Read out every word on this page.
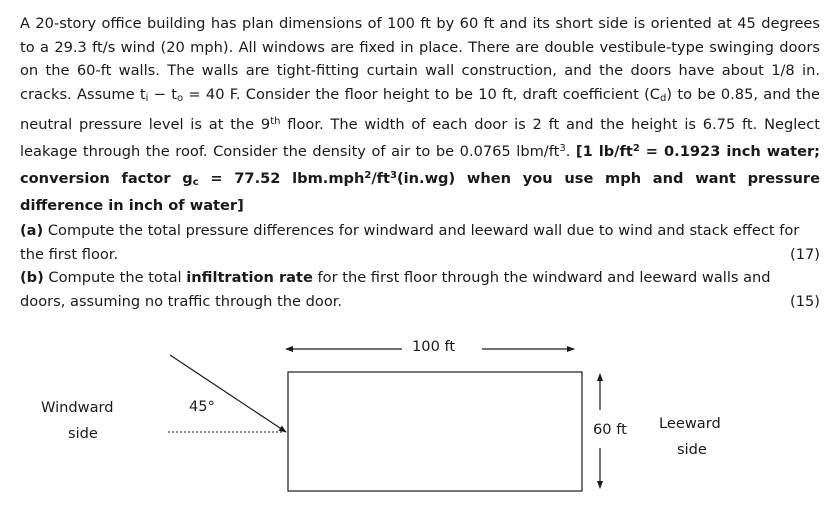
A 20-story office building has plan dimensions of 100 ft by 60 ft and its short side is oriented at 45 degrees to a 29.3 ft/s wind (20 mph). All windows are fixed in place. There are double vestibule-type swinging doors on the 60-ft walls. The walls are tight-fitting curtain wall construction, and the doors have about 1/8 in. cracks. Assume $t_i - t_o = 40$ F. Consider the floor height to be 10 ft, draft coefficient $(C_d)$ to be 0.85, and the neutral pressure level is at the 9th floor. The width of each door is 2 ft and the height is 6.75 ft. Neglect leakage through the roof. Consider the density of air to be 0.0765 lbm/$ft^3$. [1 $lb/ft^2 = 0.1923$ inch water; conversion factor $g_c = 77.52$ $lbm.mph^2/ft^3(in.wg)$ when you use mph and want pressure difference in inch of water]

(a) Compute the total pressure differences for windward and leeward wall due to wind and stack effect for the first floor.	(17)
(b) Compute the total infiltration rate for the first floor through the windward and leeward walls and doors, assuming no traffic through the door.	(15)
100 ft
60 ft
45°
Windward
side
Leeward
side
